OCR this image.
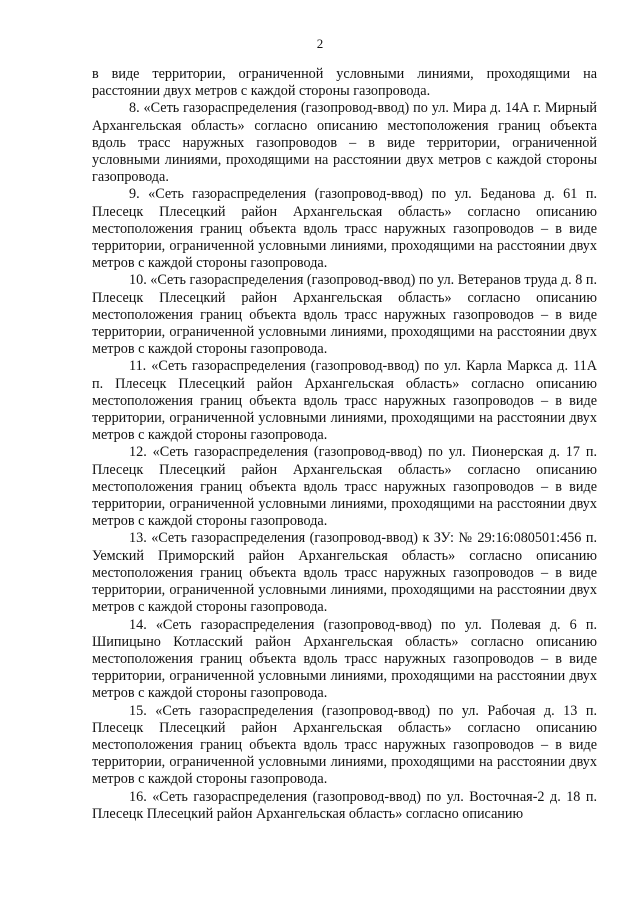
2

в виде территории, ограниченной условными линиями, проходящими на расстоянии двух метров с каждой стороны газопровода.

8. «Сеть газораспределения (газопровод-ввод) по ул. Мира д. 14А г. Мирный Архангельская область» согласно описанию местоположения границ объекта вдоль трасс наружных газопроводов – в виде территории, ограниченной условными линиями, проходящими на расстоянии двух метров с каждой стороны газопровода.

9. «Сеть газораспределения (газопровод-ввод) по ул. Беданова д. 61 п. Плесецк Плесецкий район Архангельская область» согласно описанию местоположения границ объекта вдоль трасс наружных газопроводов – в виде территории, ограниченной условными линиями, проходящими на расстоянии двух метров с каждой стороны газопровода.

10. «Сеть газораспределения (газопровод-ввод) по ул. Ветеранов труда д. 8 п. Плесецк Плесецкий район Архангельская область» согласно описанию местоположения границ объекта вдоль трасс наружных газопроводов – в виде территории, ограниченной условными линиями, проходящими на расстоянии двух метров с каждой стороны газопровода.

11. «Сеть газораспределения (газопровод-ввод) по ул. Карла Маркса д. 11А п. Плесецк Плесецкий район Архангельская область» согласно описанию местоположения границ объекта вдоль трасс наружных газопроводов – в виде территории, ограниченной условными линиями, проходящими на расстоянии двух метров с каждой стороны газопровода.

12. «Сеть газораспределения (газопровод-ввод) по ул. Пионерская д. 17 п. Плесецк Плесецкий район Архангельская область» согласно описанию местоположения границ объекта вдоль трасс наружных газопроводов – в виде территории, ограниченной условными линиями, проходящими на расстоянии двух метров с каждой стороны газопровода.

13. «Сеть газораспределения (газопровод-ввод) к ЗУ: № 29:16:080501:456 п. Уемский Приморский район Архангельская область» согласно описанию местоположения границ объекта вдоль трасс наружных газопроводов – в виде территории, ограниченной условными линиями, проходящими на расстоянии двух метров с каждой стороны газопровода.

14. «Сеть газораспределения (газопровод-ввод) по ул. Полевая д. 6 п. Шипицыно Котласский район Архангельская область» согласно описанию местоположения границ объекта вдоль трасс наружных газопроводов – в виде территории, ограниченной условными линиями, проходящими на расстоянии двух метров с каждой стороны газопровода.

15. «Сеть газораспределения (газопровод-ввод) по ул. Рабочая д. 13 п. Плесецк Плесецкий район Архангельская область» согласно описанию местоположения границ объекта вдоль трасс наружных газопроводов – в виде территории, ограниченной условными линиями, проходящими на расстоянии двух метров с каждой стороны газопровода.

16. «Сеть газораспределения (газопровод-ввод) по ул. Восточная-2 д. 18 п. Плесецк Плесецкий район Архангельская область» согласно описанию
